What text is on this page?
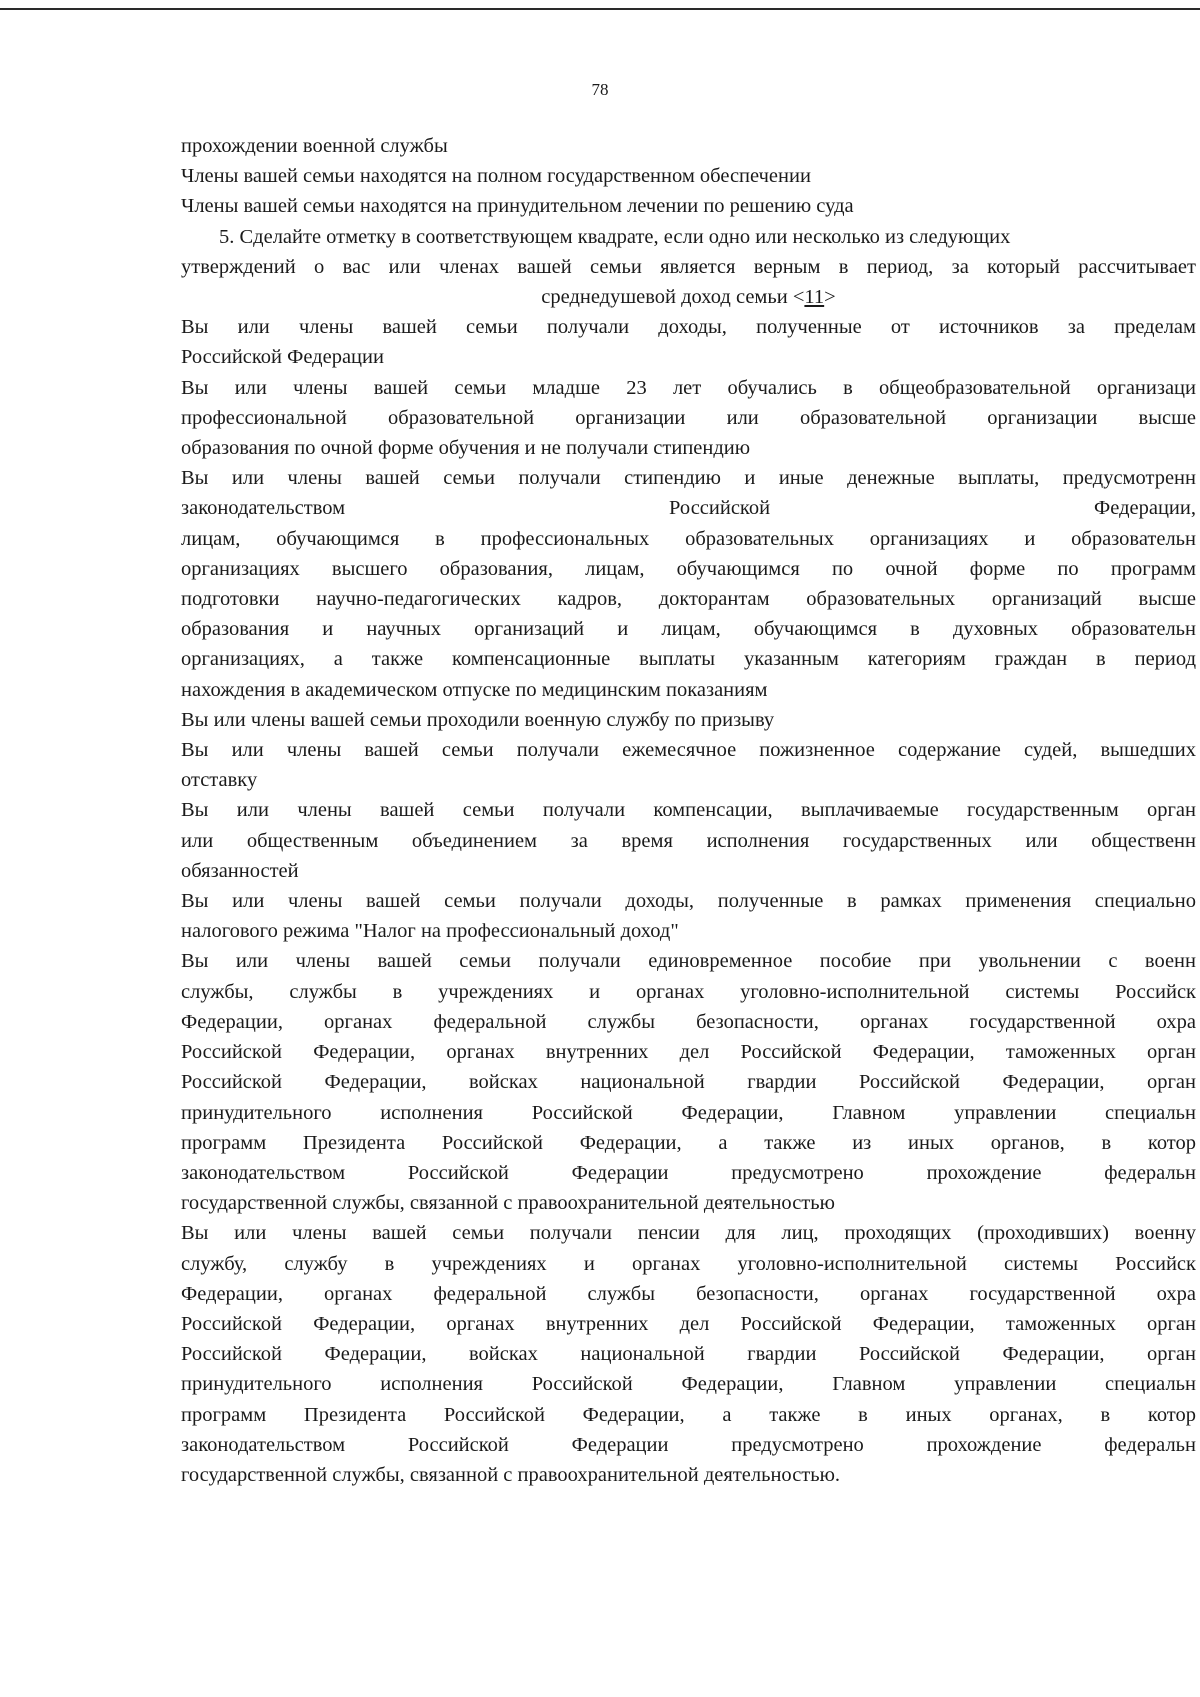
78

прохождении военной службы

Члены вашей семьи находятся на полном государственном обеспечении

Члены вашей семьи находятся на принудительном лечении по решению суда

5. Сделайте отметку в соответствующем квадрате, если одно или несколько из следующих

утверждений о вас или членах вашей семьи является верным в период, за который рассчитывает

среднедушевой доход семьи <11>

Вы или члены вашей семьи получали доходы, полученные от источников за пределам

Российской Федерации

Вы или члены вашей семьи младше 23 лет обучались в общеобразовательной организаци

профессиональной образовательной организации или образовательной организации высше

образования по очной форме обучения и не получали стипендию

Вы или члены вашей семьи получали стипендию и иные денежные выплаты, предусмотренн

законодательством Российской Федерации,

лицам, обучающимся в профессиональных образовательных организациях и образовательн

организациях высшего образования, лицам, обучающимся по очной форме по программ

подготовки научно-педагогических кадров, докторантам образовательных организаций высше

образования и научных организаций и лицам, обучающимся в духовных образовательн

организациях, а также компенсационные выплаты указанным категориям граждан в период

нахождения в академическом отпуске по медицинским показаниям

Вы или члены вашей семьи проходили военную службу по призыву

Вы или члены вашей семьи получали ежемесячное пожизненное содержание судей, вышедших

отставку

Вы или члены вашей семьи получали компенсации, выплачиваемые государственным орган

или общественным объединением за время исполнения государственных или общественн

обязанностей

Вы или члены вашей семьи получали доходы, полученные в рамках применения специально

налогового режима "Налог на профессиональный доход"

Вы или члены вашей семьи получали единовременное пособие при увольнении с военн

службы, службы в учреждениях и органах уголовно-исполнительной системы Российск

Федерации, органах федеральной службы безопасности, органах государственной охра

Российской Федерации, органах внутренних дел Российской Федерации, таможенных орган

Российской Федерации, войсках национальной гвардии Российской Федерации, орган

принудительного исполнения Российской Федерации, Главном управлении специальн

программ Президента Российской Федерации, а также из иных органов, в котор

законодательством Российской Федерации предусмотрено прохождение федеральн

государственной службы, связанной с правоохранительной деятельностью

Вы или члены вашей семьи получали пенсии для лиц, проходящих (проходивших) военну

службу, службу в учреждениях и органах уголовно-исполнительной системы Российск

Федерации, органах федеральной службы безопасности, органах государственной охра

Российской Федерации, органах внутренних дел Российской Федерации, таможенных орган

Российской Федерации, войсках национальной гвардии Российской Федерации, орган

принудительного исполнения Российской Федерации, Главном управлении специальн

программ Президента Российской Федерации, а также в иных органах, в котор

законодательством Российской Федерации предусмотрено прохождение федеральн

государственной службы, связанной с правоохранительной деятельностью.
